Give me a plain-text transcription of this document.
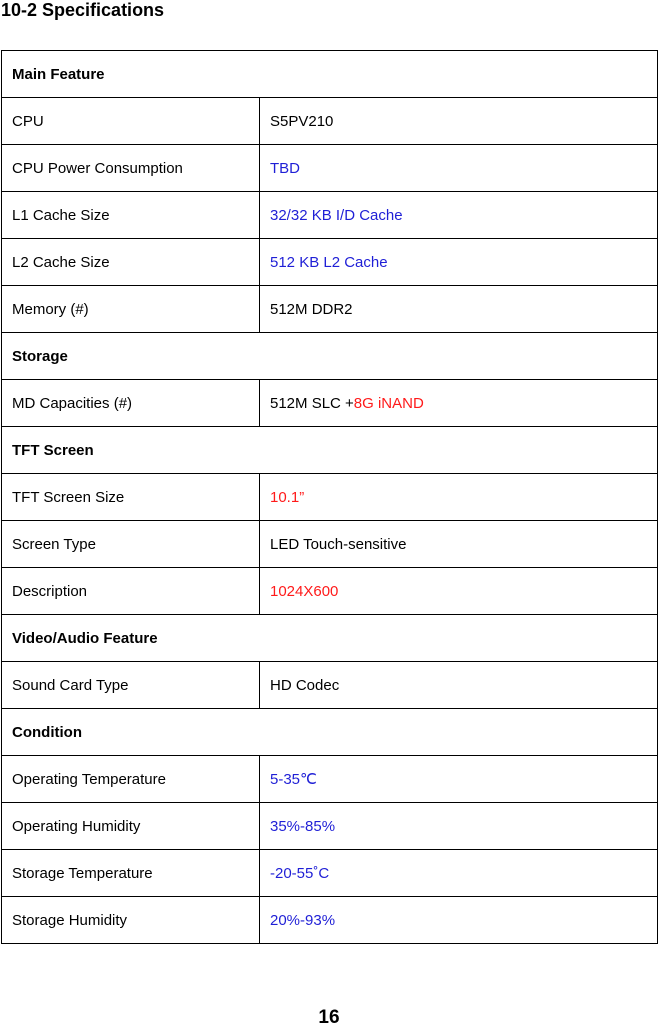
10-2 Specifications
Main Feature	
CPU	S5PV210
CPU Power Consumption	TBD
L1 Cache Size	32/32 KB I/D Cache
L2 Cache Size	512 KB L2 Cache
Memory (#)	512M DDR2
Storage	
MD Capacities (#)	512M SLC +8G iNAND
TFT Screen	
TFT Screen Size	10.1”
Screen Type	LED Touch-sensitive
Description	1024X600
Video/Audio Feature	
Sound Card Type	HD Codec
Condition	
Operating Temperature	5-35℃
Operating Humidity	35%-85%
Storage Temperature	-20-55˚C
Storage Humidity	20%-93%
16
